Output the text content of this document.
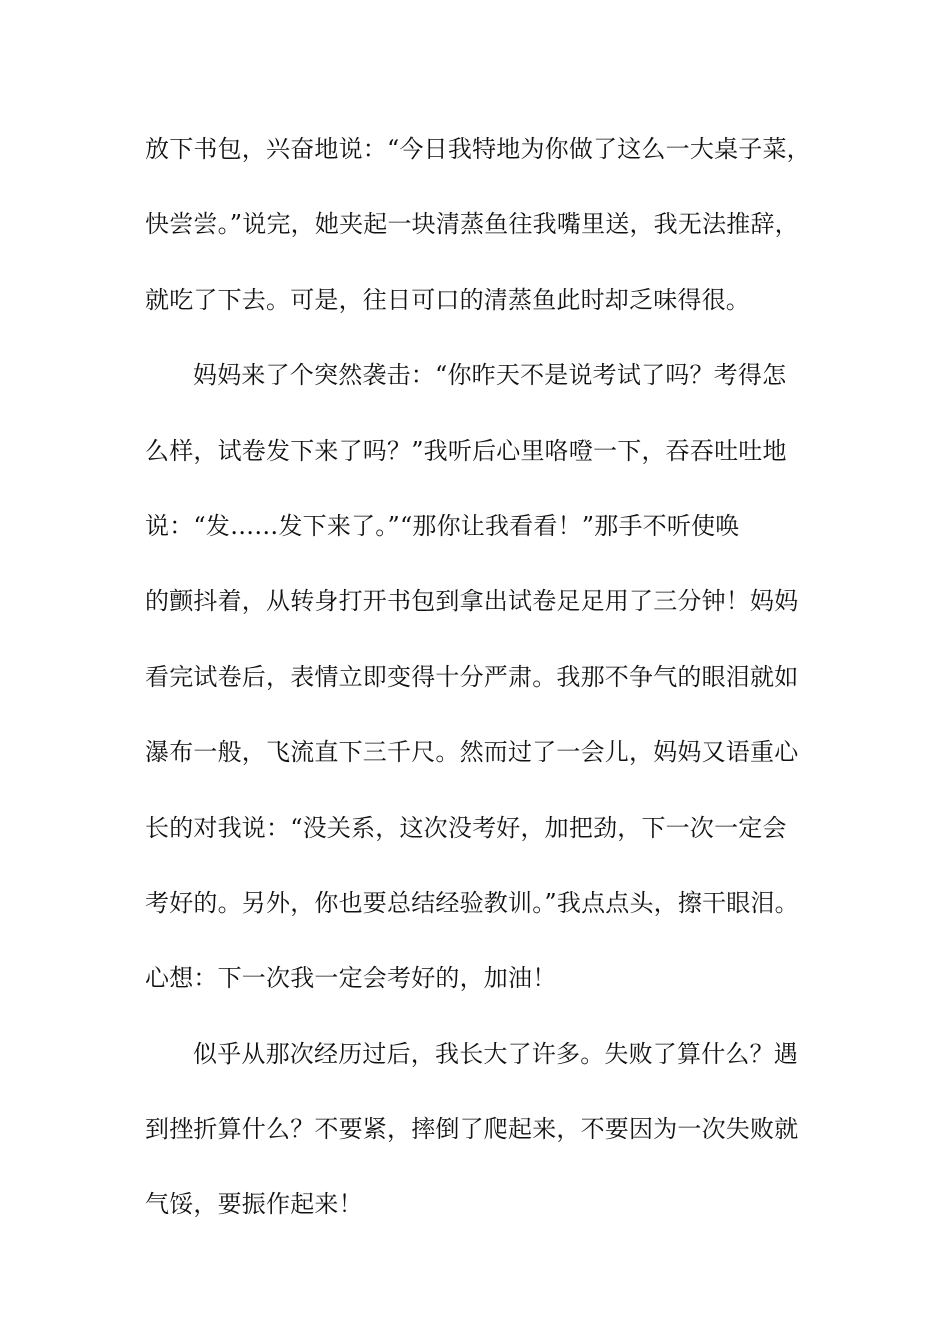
放下书包，兴奋地说：“今日我特地为你做了这么一大桌子菜，
快尝尝。”说完，她夹起一块清蒸鱼往我嘴里送，我无法推辞，
就吃了下去。可是，往日可口的清蒸鱼此时却乏味得很。
妈妈来了个突然袭击：“你昨天不是说考试了吗？考得怎
么样，试卷发下来了吗？”我听后心里咯噔一下，吞吞吐吐地
说：“发……发下来了。”“那你让我看看！”那手不听使唤
的颤抖着，从转身打开书包到拿出试卷足足用了三分钟！妈妈
看完试卷后，表情立即变得十分严肃。我那不争气的眼泪就如
瀑布一般，飞流直下三千尺。然而过了一会儿，妈妈又语重心
长的对我说：“没关系，这次没考好，加把劲，下一次一定会
考好的。另外，你也要总结经验教训。”我点点头，擦干眼泪。
心想：下一次我一定会考好的，加油！
似乎从那次经历过后，我长大了许多。失败了算什么？遇
到挫折算什么？不要紧，摔倒了爬起来，不要因为一次失败就
气馁，要振作起来！
